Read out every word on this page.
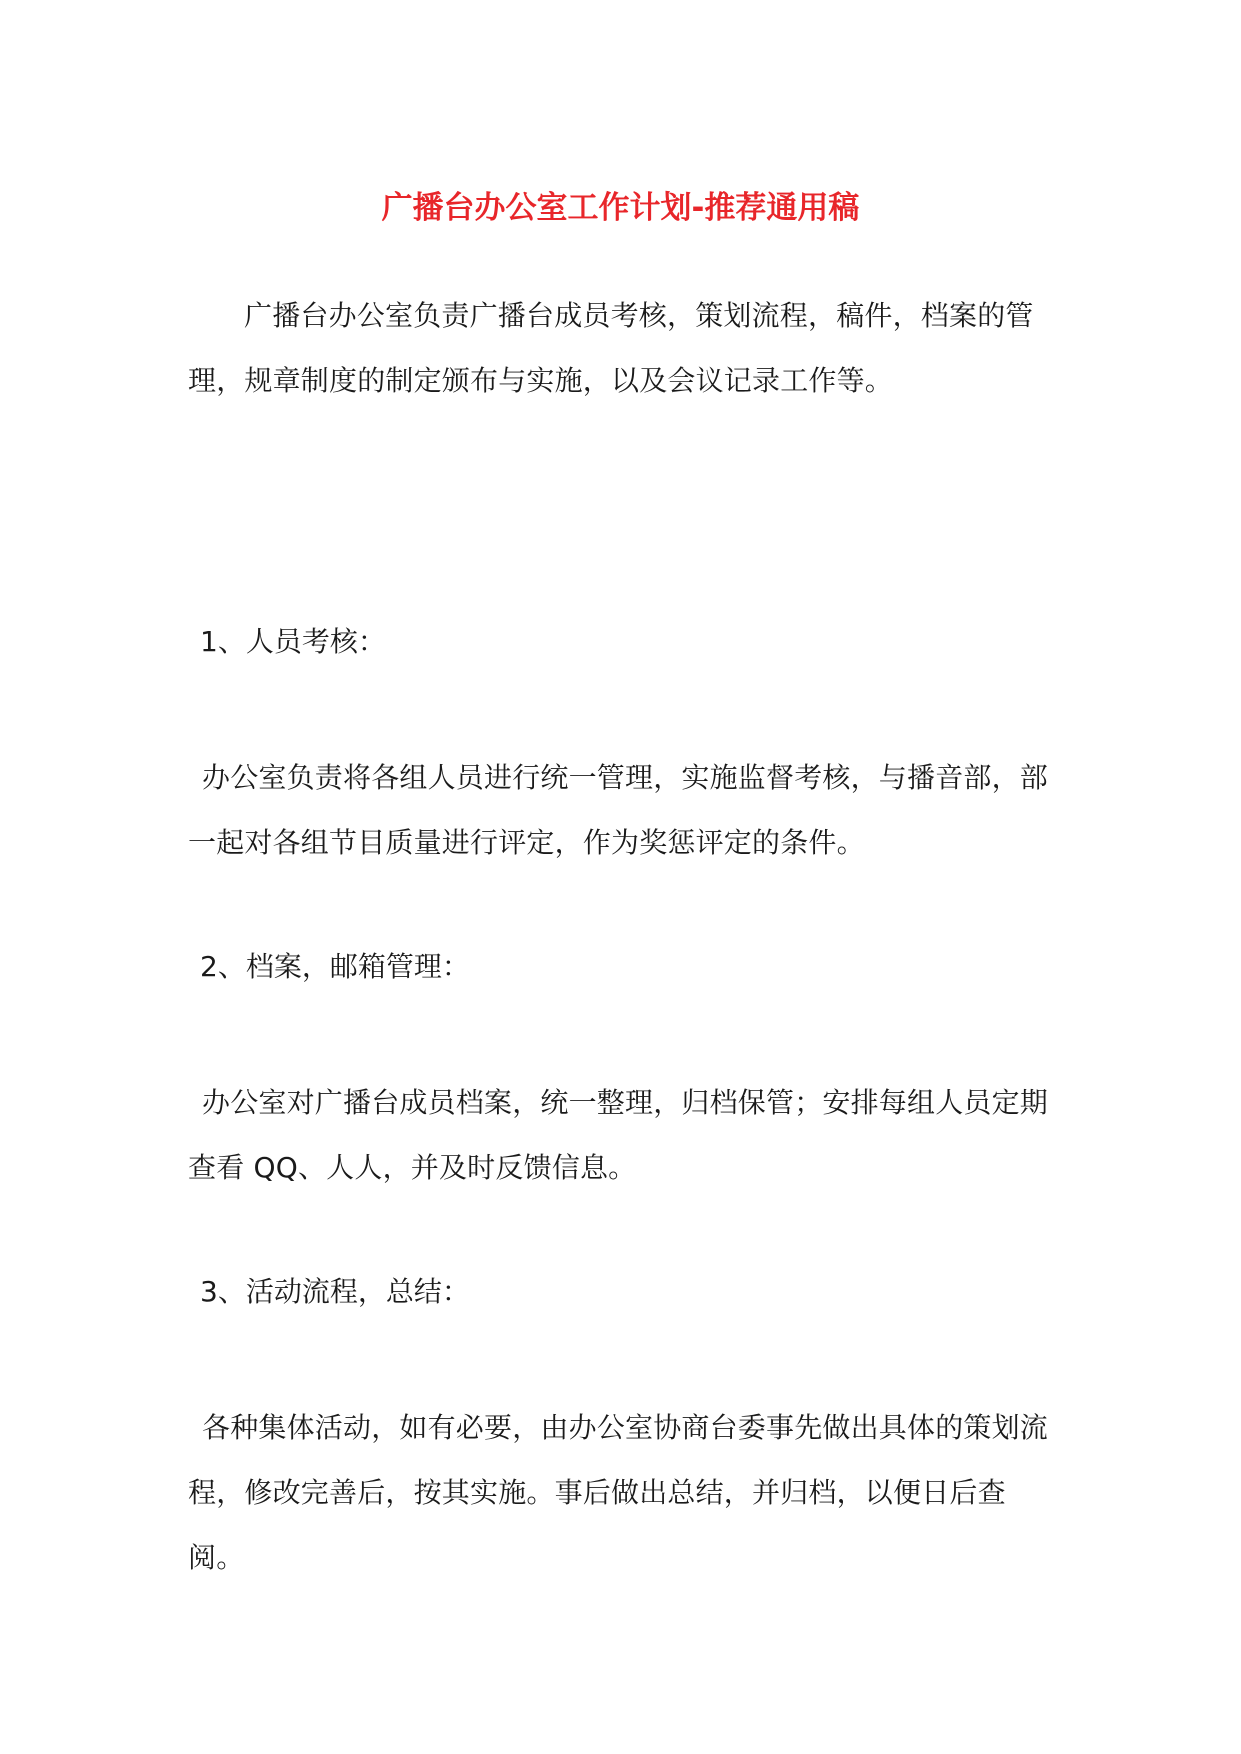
广播台办公室工作计划-推荐通用稿

广播台办公室负责广播台成员考核，策划流程，稿件，档案的管理，规章制度的制定颁布与实施，以及会议记录工作等。

1、人员考核：

办公室负责将各组人员进行统一管理，实施监督考核，与播音部，部一起对各组节目质量进行评定，作为奖惩评定的条件。

2、档案，邮箱管理：

办公室对广播台成员档案，统一整理，归档保管；安排每组人员定期查看 QQ、人人，并及时反馈信息。

3、活动流程，总结：

各种集体活动，如有必要，由办公室协商台委事先做出具体的策划流程，修改完善后，按其实施。事后做出总结，并归档，以便日后查阅。
